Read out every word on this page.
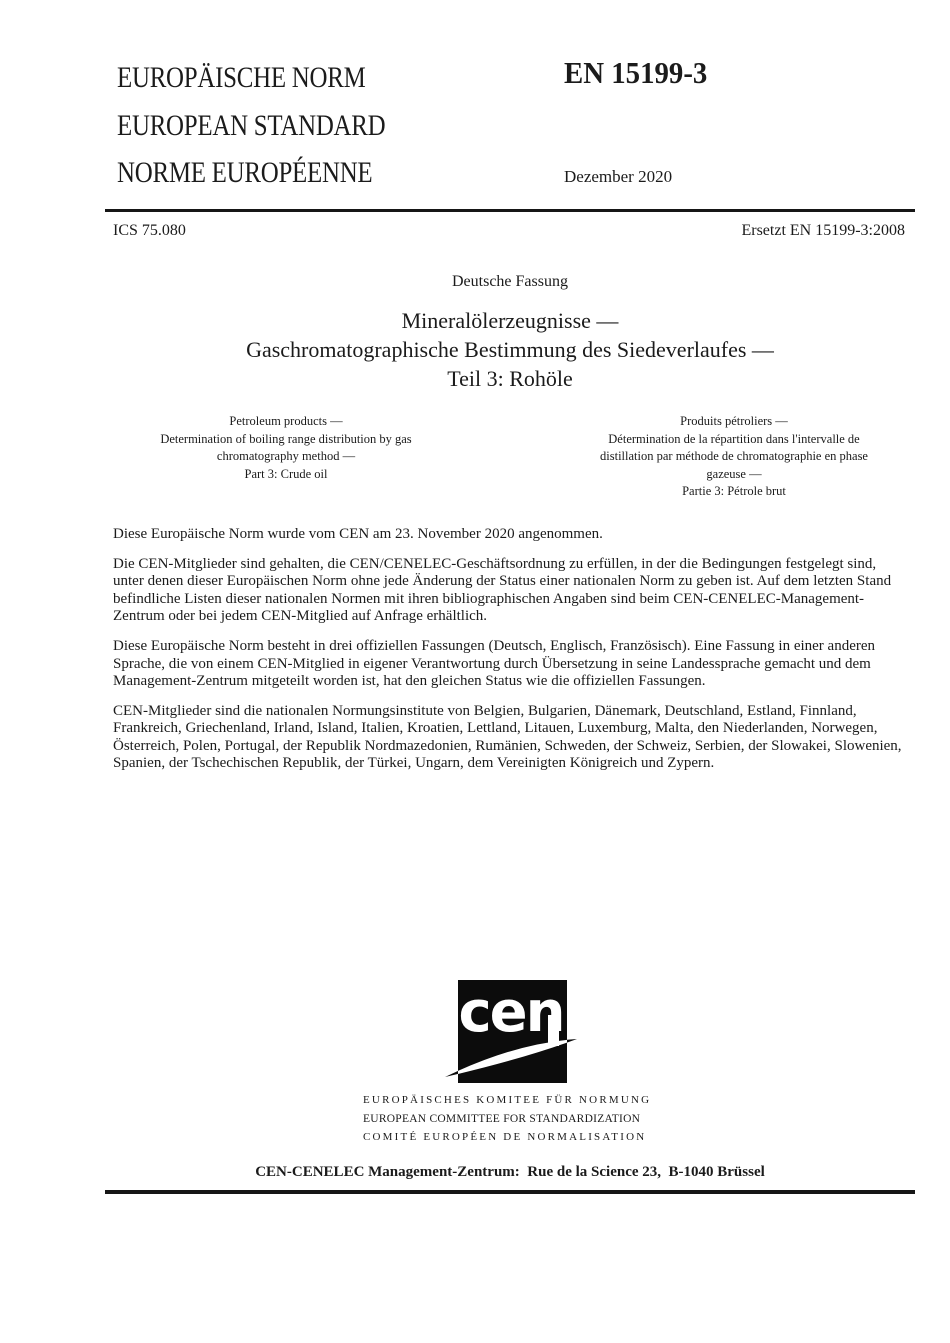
EUROPÄISCHE NORM
EUROPEAN STANDARD
NORME EUROPÉENNE
EN 15199-3
Dezember 2020
ICS 75.080	Ersetzt EN 15199-3:2008
Deutsche Fassung
Mineralölerzeugnisse —
Gaschromatographische Bestimmung des Siedeverlaufes —
Teil 3: Rohöle
Petroleum products —
Determination of boiling range distribution by gas
chromatography method —
Part 3: Crude oil
Produits pétroliers —
Détermination de la répartition dans l'intervalle de
distillation par méthode de chromatographie en phase
gazeuse —
Partie 3: Pétrole brut

Diese Europäische Norm wurde vom CEN am 23. November 2020 angenommen.

Die CEN-Mitglieder sind gehalten, die CEN/CENELEC-Geschäftsordnung zu erfüllen, in der die Bedingungen festgelegt sind, unter denen dieser Europäischen Norm ohne jede Änderung der Status einer nationalen Norm zu geben ist. Auf dem letzten Stand befindliche Listen dieser nationalen Normen mit ihren bibliographischen Angaben sind beim CEN-CENELEC-Management-Zentrum oder bei jedem CEN-Mitglied auf Anfrage erhältlich.

Diese Europäische Norm besteht in drei offiziellen Fassungen (Deutsch, Englisch, Französisch). Eine Fassung in einer anderen Sprache, die von einem CEN-Mitglied in eigener Verantwortung durch Übersetzung in seine Landessprache gemacht und dem Management-Zentrum mitgeteilt worden ist, hat den gleichen Status wie die offiziellen Fassungen.

CEN-Mitglieder sind die nationalen Normungsinstitute von Belgien, Bulgarien, Dänemark, Deutschland, Estland, Finnland, Frankreich, Griechenland, Irland, Island, Italien, Kroatien, Lettland, Litauen, Luxemburg, Malta, den Niederlanden, Norwegen, Österreich, Polen, Portugal, der Republik Nordmazedonien, Rumänien, Schweden, der Schweiz, Serbien, der Slowakei, Slowenien, Spanien, der Tschechischen Republik, der Türkei, Ungarn, dem Vereinigten Königreich und Zypern.

cen
EUROPÄISCHES KOMITEE FÜR NORMUNG
EUROPEAN COMMITTEE FOR STANDARDIZATION
COMITÉ EUROPÉEN DE NORMALISATION
CEN-CENELEC Management-Zentrum:  Rue de la Science 23,  B-1040 Brüssel
